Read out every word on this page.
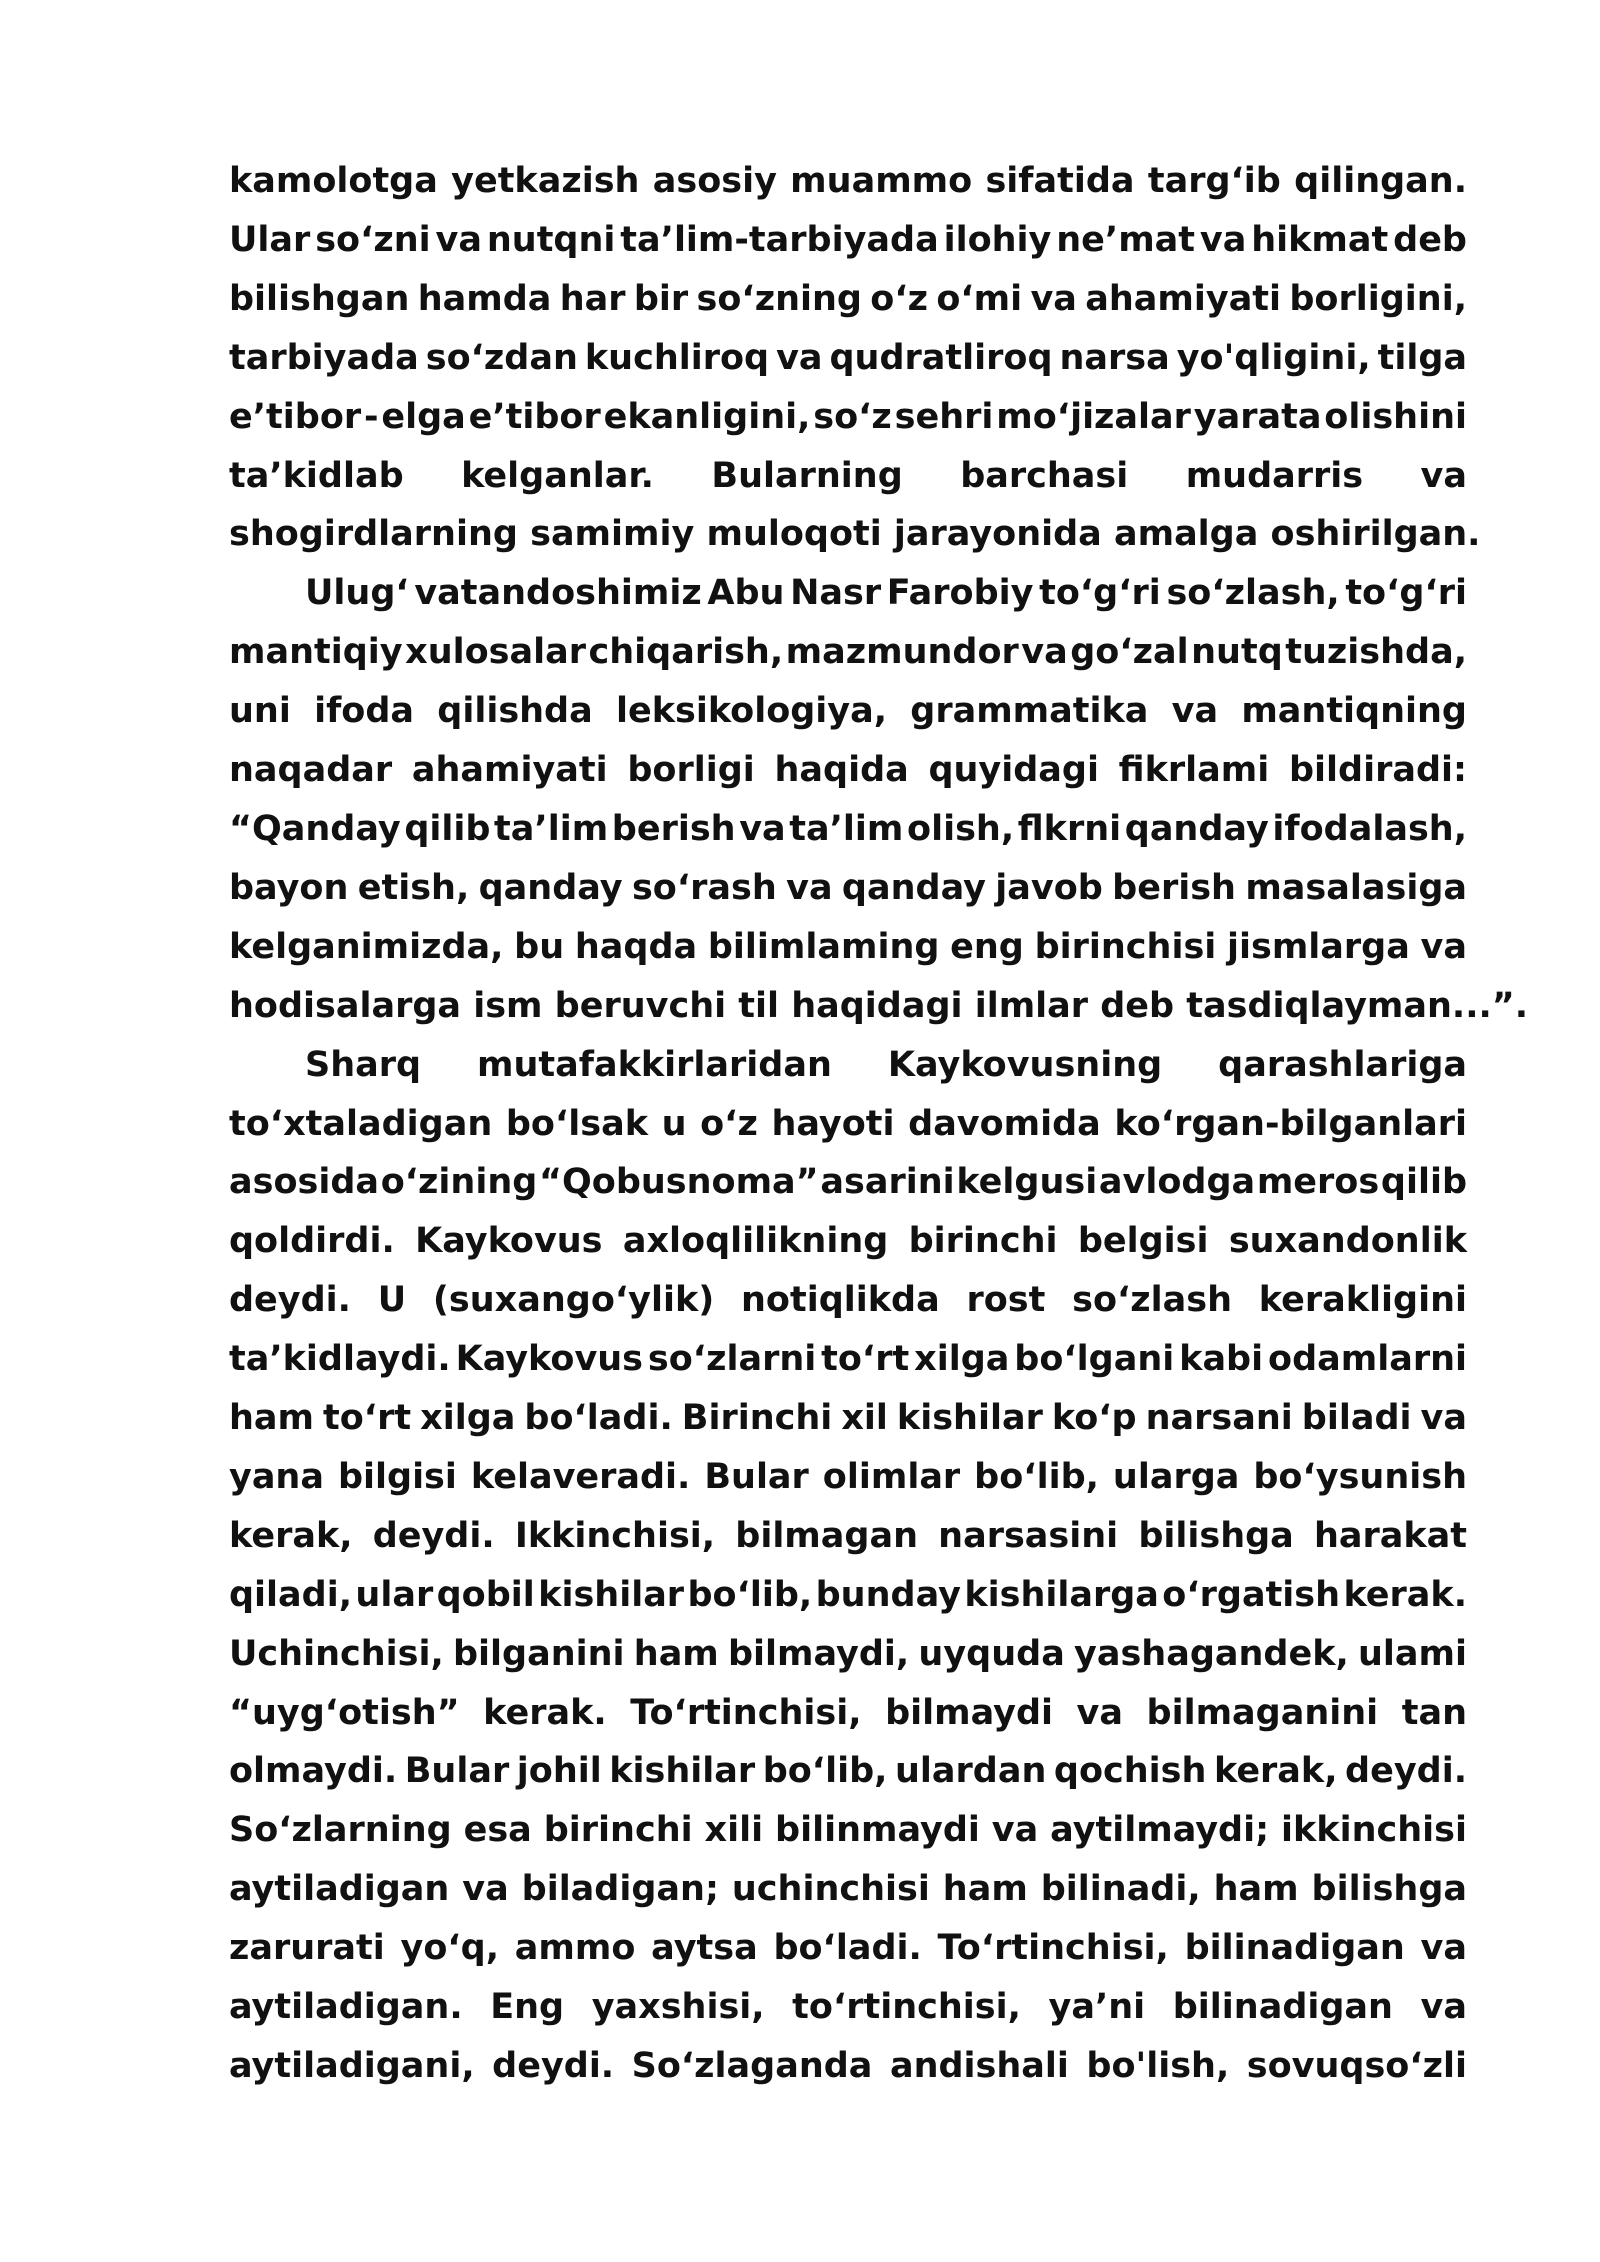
kamolotga yetkazish asosiy muammo sifatida targʻib qilingan.
Ular soʻzni va nutqni taʼlim-tarbiyada ilohiy neʼmat va hikmat deb
bilishgan hamda har bir soʻzning oʻz oʻmi va ahamiyati borligini,
tarbiyada soʻzdan kuchliroq va qudratliroq narsa yo'qligini, tilga
eʼtibor - elga eʼtibor ekanligini, soʻz sehri moʻjizalar yarata olishini
taʼkidlab kelganlar. Bularning barchasi mudarris va
shogirdlarning samimiy muloqoti jarayonida amalga oshirilgan.
Ulugʻ vatandoshimiz Abu Nasr Farobiy toʻgʻri soʻzlash, toʻgʻri
mantiqiy xulosalar chiqarish, mazmundor va goʻzal nutq tuzishda,
uni ifoda qilishda leksikologiya, grammatika va mantiqning
naqadar ahamiyati borligi haqida quyidagi fikrlami bildiradi:
“Qanday qilib taʼlim berish va taʼlim olish, flkrni qanday ifodalash,
bayon etish, qanday soʻrash va qanday javob berish masalasiga
kelganimizda, bu haqda bilimlaming eng birinchisi jismlarga va
hodisalarga ism beruvchi til haqidagi ilmlar deb tasdiqlayman...”.
Sharq mutafakkirlaridan Kaykovusning qarashlariga
toʻxtaladigan boʻlsak u oʻz hayoti davomida koʻrgan-bilganlari
asosida oʻzining “Qobusnoma” asarini kelgusi avlodga meros qilib
qoldirdi. Kaykovus axloqlilikning birinchi belgisi suxandonlik
deydi. U (suxangoʻylik) notiqlikda rost soʻzlash kerakligini
taʼkidlaydi. Kaykovus soʻzlarni toʻrt xilga boʻlgani kabi odamlarni
ham toʻrt xilga boʻladi. Birinchi xil kishilar koʻp narsani biladi va
yana bilgisi kelaveradi. Bular olimlar boʻlib, ularga boʻysunish
kerak, deydi. Ikkinchisi, bilmagan narsasini bilishga harakat
qiladi, ular qobil kishilar boʻlib, bunday kishilarga oʻrgatish kerak.
Uchinchisi, bilganini ham bilmaydi, uyquda yashagandek, ulami
“uygʻotish” kerak. Toʻrtinchisi, bilmaydi va bilmaganini tan
olmaydi. Bular johil kishilar boʻlib, ulardan qochish kerak, deydi.
Soʻzlarning esa birinchi xili bilinmaydi va aytilmaydi; ikkinchisi
aytiladigan va biladigan; uchinchisi ham bilinadi, ham bilishga
zarurati yoʻq, ammo aytsa boʻladi. Toʻrtinchisi, bilinadigan va
aytiladigan. Eng yaxshisi, toʻrtinchisi, yaʼni bilinadigan va
aytiladigani, deydi. Soʻzlaganda andishali bo'lish, sovuqsoʻzli
